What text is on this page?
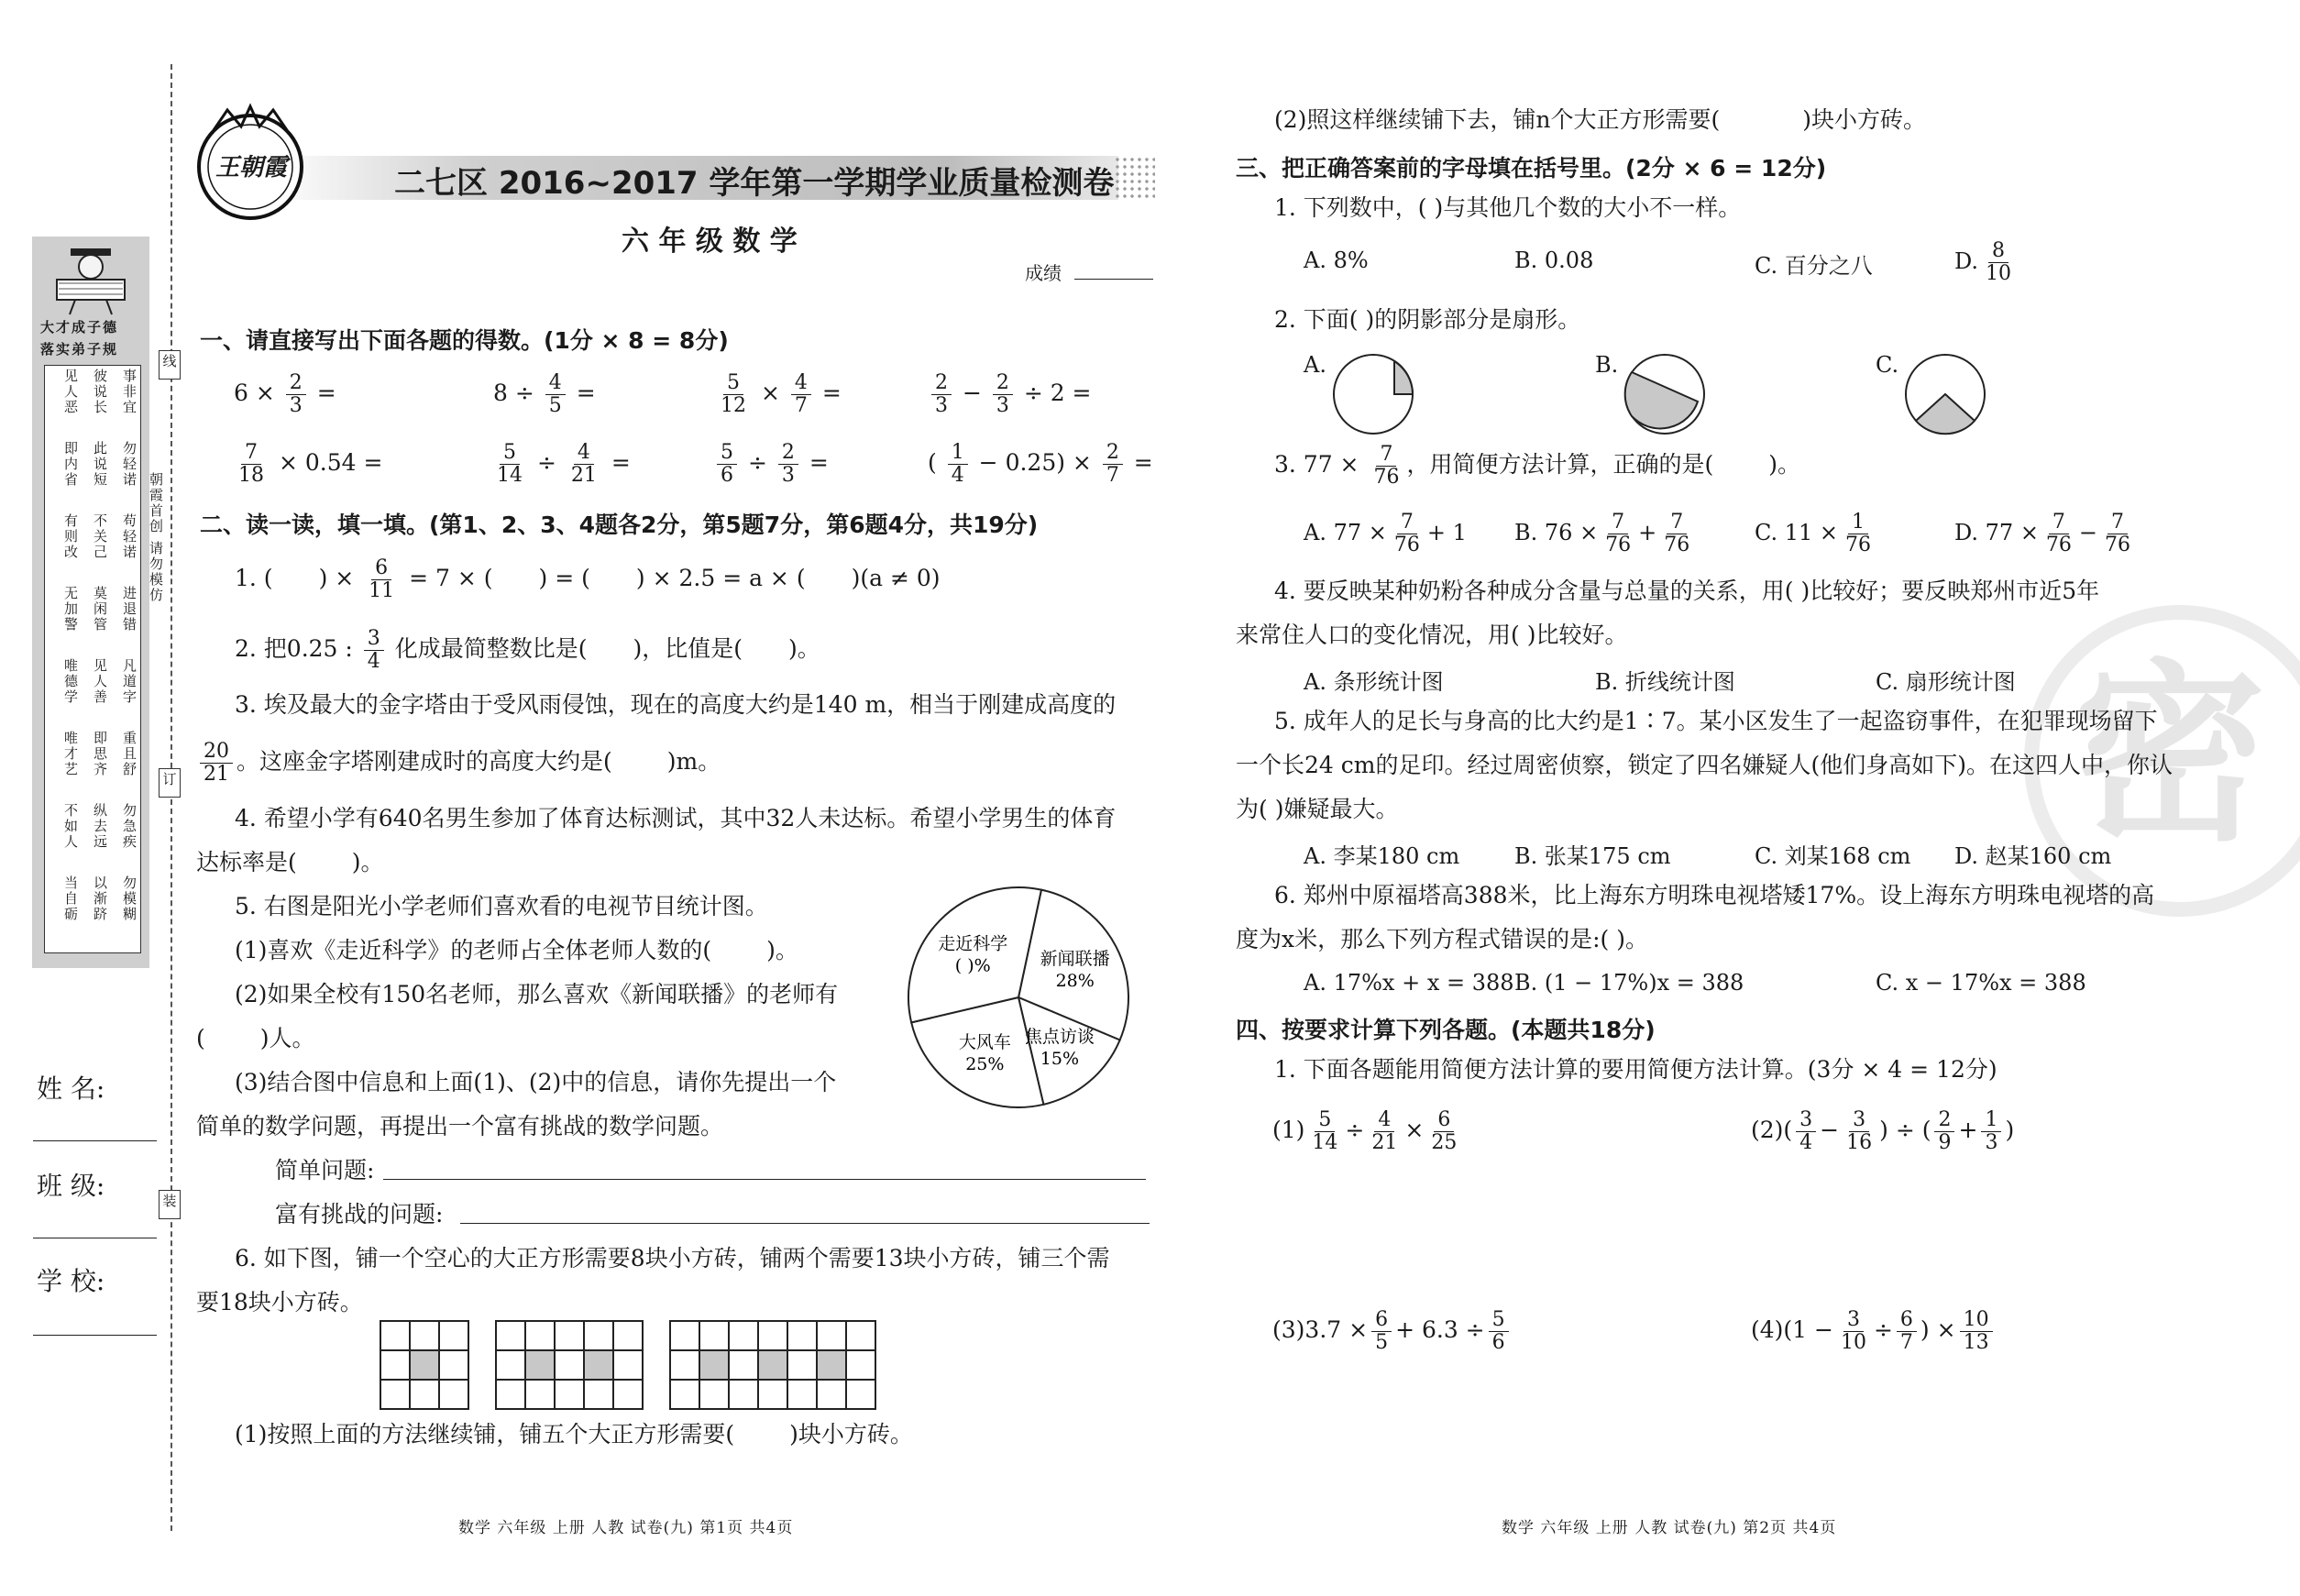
大才成子德
落实弟子规
见人恶 彼说长 事非宜
即内省 此说短 勿轻诺
有则改 不关己 苟轻诺
无加警 莫闲管 进退错
唯德学 见人善 凡道字
唯才艺 即思齐 重且舒
不如人 纵去远 勿急疾
当自砺 以渐跻 勿模糊
姓 名:
班 级:
学 校:
线
订
装
朝霞首创 请勿模仿
王朝霞	二七区 2016~2017 学年第一学期学业质量检测卷
六 年 级 数 学
成绩
一、请直接写出下面各题的得数。(1分 × 8 = 8分)
$6 \times \frac{2}{3}$ =	$8 \div \frac{4}{5}$ =	$\frac{5}{12} \times \frac{4}{7}$ =	$\frac{2}{3} - \frac{2}{3} \div 2$ =
$\frac{7}{18} \times 0.54$ =	$\frac{5}{14} \div \frac{4}{21}$ =	$\frac{5}{6} \div \frac{2}{3}$ =	( $\frac{1}{4} - 0.25) \times \frac{2}{7}$ =
二、读一读，填一填。(第1、2、3、4题各2分，第5题7分，第6题4分，共19分)
1. ( ) × $\frac{6}{11} = 7$ × ( ) = ( ) × 2.5 = a × ( )(a ≠ 0)
2. 把0.25 : $\frac{3}{4}$ 化成最简整数比是( )，比值是( )。
3. 埃及最大的金字塔由于受风雨侵蚀，现在的高度大约是140 m，相当于刚建成高度的
$\frac{20}{21}$ 。这座金字塔刚建成时的高度大约是( )m。
4. 希望小学有640名男生参加了体育达标测试，其中32人未达标。希望小学男生的体育
达标率是( )。
5. 右图是阳光小学老师们喜欢看的电视节目统计图。
(1)喜欢《走近科学》的老师占全体老师人数的( )。
(2)如果全校有150名老师，那么喜欢《新闻联播》的老师有
( )人。
(3)结合图中信息和上面(1)、(2)中的信息，请你先提出一个
简单的数学问题，再提出一个富有挑战的数学问题。
简单问题:
富有挑战的问题:
新闻联播
28%
焦点访谈
15%
大风车
25%
走近科学
( )%
6. 如下图，铺一个空心的大正方形需要8块小方砖，铺两个需要13块小方砖，铺三个需
要18块小方砖。
(1)按照上面的方法继续铺，铺五个大正方形需要( )块小方砖。
数学 六年级 上册 人教 试卷(九) 第1页 共4页
密
(2)照这样继续铺下去，铺n个大正方形需要(	)块小方砖。
三、把正确答案前的字母填在括号里。(2分 × 6 = 12分)
1. 下列数中，( )与其他几个数的大小不一样。
A. 8%	B. 0.08	C. 百分之八	D. $\frac{8}{10}$
2. 下面( )的阴影部分是扇形。
A.	B.	C.
3. $77 \times \frac{7}{76}$ ，用简便方法计算，正确的是( )。
A. $77 \times \frac{7}{76} + 1$ B. $76 \times \frac{7}{76} + \frac{7}{76}$	C. $11 \times \frac{1}{76}$	D. $77 \times \frac{7}{76} - \frac{7}{76}$
4. 要反映某种奶粉各种成分含量与总量的关系，用( )比较好；要反映郑州市近5年
来常住人口的变化情况，用( )比较好。
A. 条形统计图	B. 折线统计图	C. 扇形统计图
5. 成年人的足长与身高的比大约是1∶7。某小区发生了一起盗窃事件，在犯罪现场留下
一个长24 cm的足印。经过周密侦察，锁定了四名嫌疑人(他们身高如下)。在这四人中，你认
为( )嫌疑最大。
A. 李某180 cm B. 张某175 cm	C. 刘某168 cm D. 赵某160 cm
6. 郑州中原福塔高388米，比上海东方明珠电视塔矮17%。设上海东方明珠电视塔的高
度为x米，那么下列方程式错误的是:( )。
A. 17%x + x = 388 B. (1 − 17%)x = 388	C. x − 17%x = 388
四、按要求计算下列各题。(本题共18分)
1. 下面各题能用简便方法计算的要用简便方法计算。(3分 × 4 = 12分)
$(1) \frac{5}{14} \div \frac{4}{21} \times \frac{6}{25}$	$(2)( \frac{3}{4} - \frac{3}{16}$ ) ÷ ( $\frac{2}{9} + \frac{1}{3}$ )
$(3)3.7 \times \frac{6}{5} + 6.3 \div \frac{5}{6}$	$(4)(1 - \frac{3}{10} \div \frac{6}{7}$ ) × $\frac{10}{13}$
数学 六年级 上册 人教 试卷(九) 第2页 共4页
